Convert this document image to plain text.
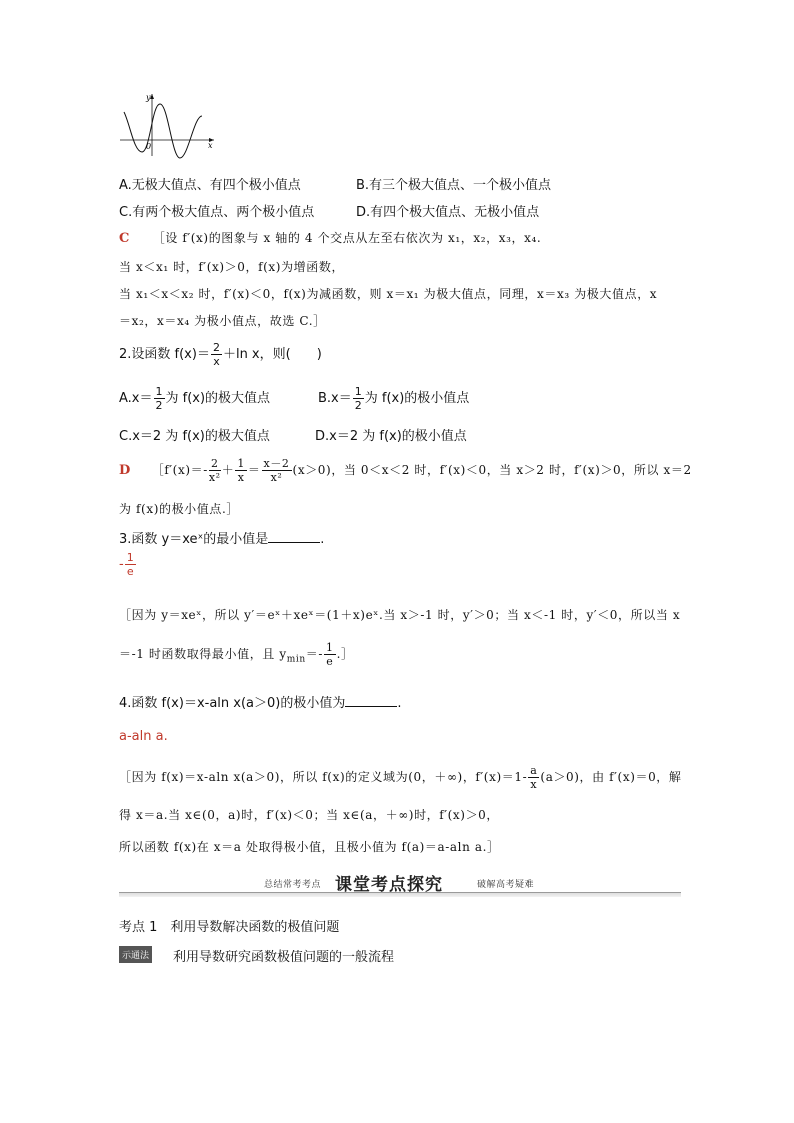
y
x
0
A.无极大值点、有四个极小值点	B.有三个极大值点、一个极小值点
C.有两个极大值点、两个极小值点	D.有四个极大值点、无极小值点
C ［设 f′(x)的图象与 x 轴的 4 个交点从左至右依次为 x₁，x₂，x₃，x₄.
当 x＜x₁ 时，f′(x)＞0，f(x)为增函数，
当 x₁＜x＜x₂ 时，f′(x)＜0，f(x)为减函数，则 x＝x₁ 为极大值点，同理，x＝x₃ 为极大值点，x
＝x₂，x＝x₄ 为极小值点，故选 C.］
2.设函数 $f(x)= \frac{2}{x} +\ln$ x，则(　　)
$A.x= \frac{1}{2}$ 为 f(x)的极大值点	$B.x= \frac{1}{2}$ 为 f(x)的极小值点
C.x＝2 为 f(x)的极大值点	D.x＝2 为 f(x)的极小值点
D ［f′(x)＝- $\frac{2}{\text{x²}} + \frac{1}{x} = \frac{x-2}{\text{x²}} (x>0)$，当 0＜x＜2 时，f′(x)＜0，当 x＞2 时，f′(x)＞0，所以 x＝2
为 f(x)的极小值点.］
3.函数 y＝xeˣ的最小值是	.
- $\frac{1}{e}$
［因为 y＝xeˣ，所以 y′＝eˣ＋xeˣ＝(1＋x)eˣ.当 x＞-1 时，y′＞0；当 x＜-1 时，y′＜0，所以当 x
＝-1 时函数取得最小值，且 $y_{min}=- \frac{1}{e}$ .］
4.函数 f(x)＝x-aln x(a＞0)的极小值为	.
a-aln a.
［因为 f(x)＝x-aln x(a＞0)，所以 f(x)的定义域为(0，＋∞)，$f'(x)=1- \frac{a}{x} (a>0)$，由 f′(x)＝0，解
得 x＝a.当 x∈(0，a)时，f′(x)＜0；当 x∈(a，＋∞)时，f′(x)＞0，
所以函数 f(x)在 x＝a 处取得极小值，且极小值为 f(a)＝a-aln a.］
总结常考考点 课堂考点探究	破解高考疑难
考点 1　利用导数解决函数的极值问题
示通法 利用导数研究函数极值问题的一般流程
